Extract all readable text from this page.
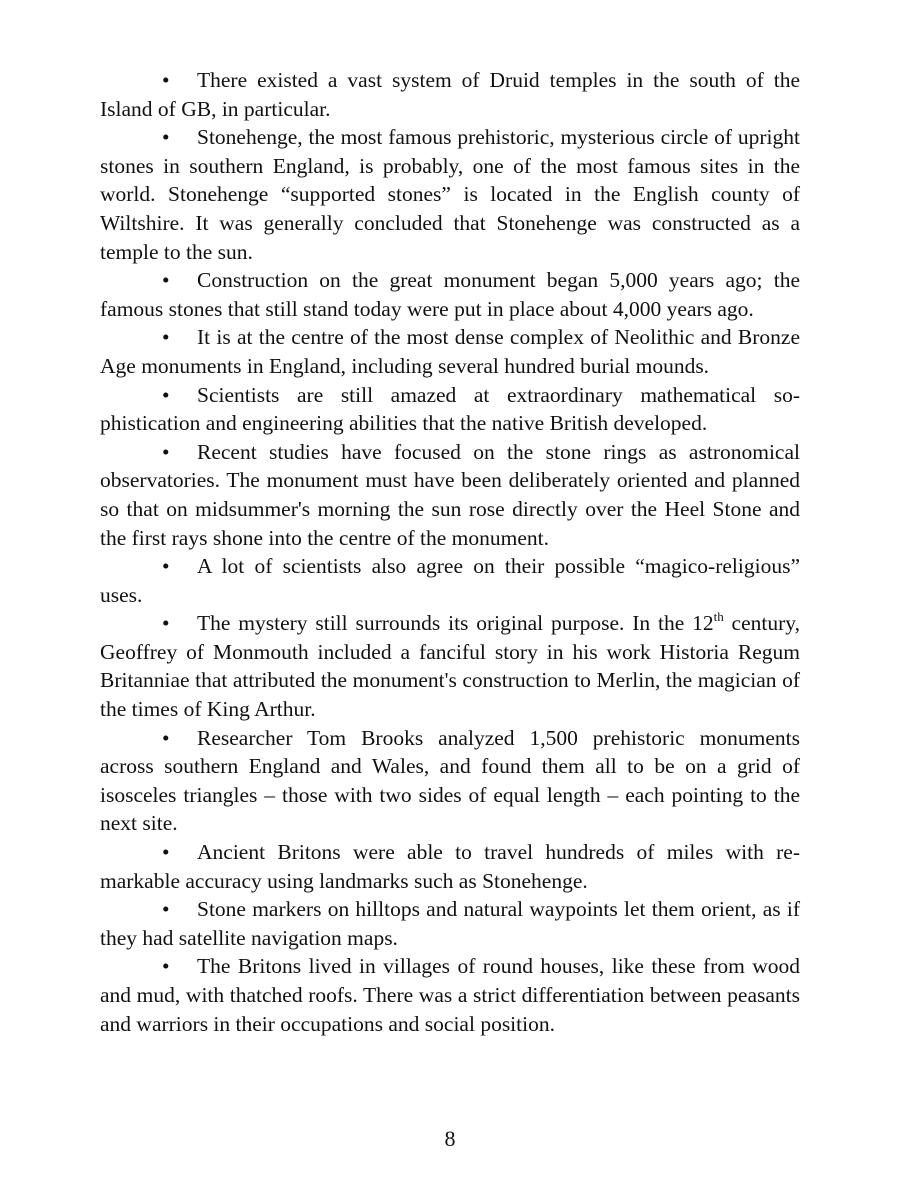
• There existed a vast system of Druid temples in the south of the Island of GB, in particular.

• Stonehenge, the most famous prehistoric, mysterious circle of upright stones in southern England, is probably, one of the most famous sites in the world. Stonehenge “supported stones” is located in the English county of Wiltshire. It was generally concluded that Stonehenge was constructed as a temple to the sun.

• Construction on the great monument began 5,000 years ago; the famous stones that still stand today were put in place about 4,000 years ago.

• It is at the centre of the most dense complex of Neolithic and Bronze Age monuments in England, including several hundred burial mounds.

• Scientists are still amazed at extraordinary mathematical sophistication and engineering abilities that the native British developed.

• Recent studies have focused on the stone rings as astronomical observatories. The monument must have been deliberately oriented and planned so that on midsummer's morning the sun rose directly over the Heel Stone and the first rays shone into the centre of the monument.

• A lot of scientists also agree on their possible “magico-religious” uses.

• The mystery still surrounds its original purpose. In the 12th century, Geoffrey of Monmouth included a fanciful story in his work Historia Regum Britanniae that attributed the monument's construction to Merlin, the magician of the times of King Arthur.

• Researcher Tom Brooks analyzed 1,500 prehistoric monuments across southern England and Wales, and found them all to be on a grid of isosceles triangles – those with two sides of equal length – each pointing to the next site.

• Ancient Britons were able to travel hundreds of miles with remarkable accuracy using landmarks such as Stonehenge.

• Stone markers on hilltops and natural waypoints let them orient, as if they had satellite navigation maps.

• The Britons lived in villages of round houses, like these from wood and mud, with thatched roofs. There was a strict differentiation between peasants and warriors in their occupations and social position.

8
